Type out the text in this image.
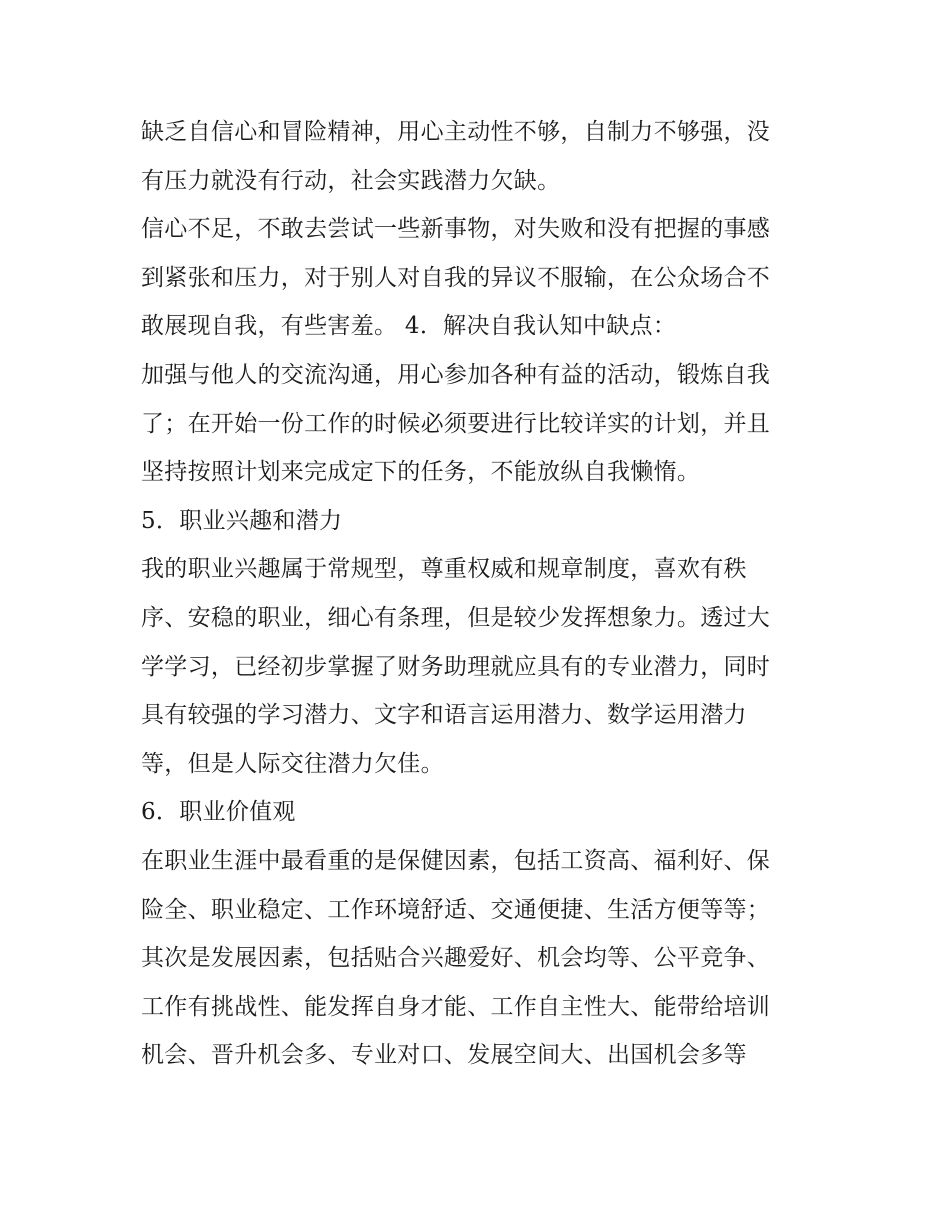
缺乏自信心和冒险精神，用心主动性不够，自制力不够强，没
有压力就没有行动，社会实践潜力欠缺。
信心不足，不敢去尝试一些新事物，对失败和没有把握的事感
到紧张和压力，对于别人对自我的异议不服输，在公众场合不
敢展现自我，有些害羞。 4．解决自我认知中缺点：
加强与他人的交流沟通，用心参加各种有益的活动，锻炼自我
了；在开始一份工作的时候必须要进行比较详实的计划，并且
坚持按照计划来完成定下的任务，不能放纵自我懒惰。
5．职业兴趣和潜力
我的职业兴趣属于常规型，尊重权威和规章制度，喜欢有秩
序、安稳的职业，细心有条理，但是较少发挥想象力。透过大
学学习，已经初步掌握了财务助理就应具有的专业潜力，同时
具有较强的学习潜力、文字和语言运用潜力、数学运用潜力
等，但是人际交往潜力欠佳。
6．职业价值观
在职业生涯中最看重的是保健因素，包括工资高、福利好、保
险全、职业稳定、工作环境舒适、交通便捷、生活方便等等；
其次是发展因素，包括贴合兴趣爱好、机会均等、公平竞争、
工作有挑战性、能发挥自身才能、工作自主性大、能带给培训
机会、晋升机会多、专业对口、发展空间大、出国机会多等
